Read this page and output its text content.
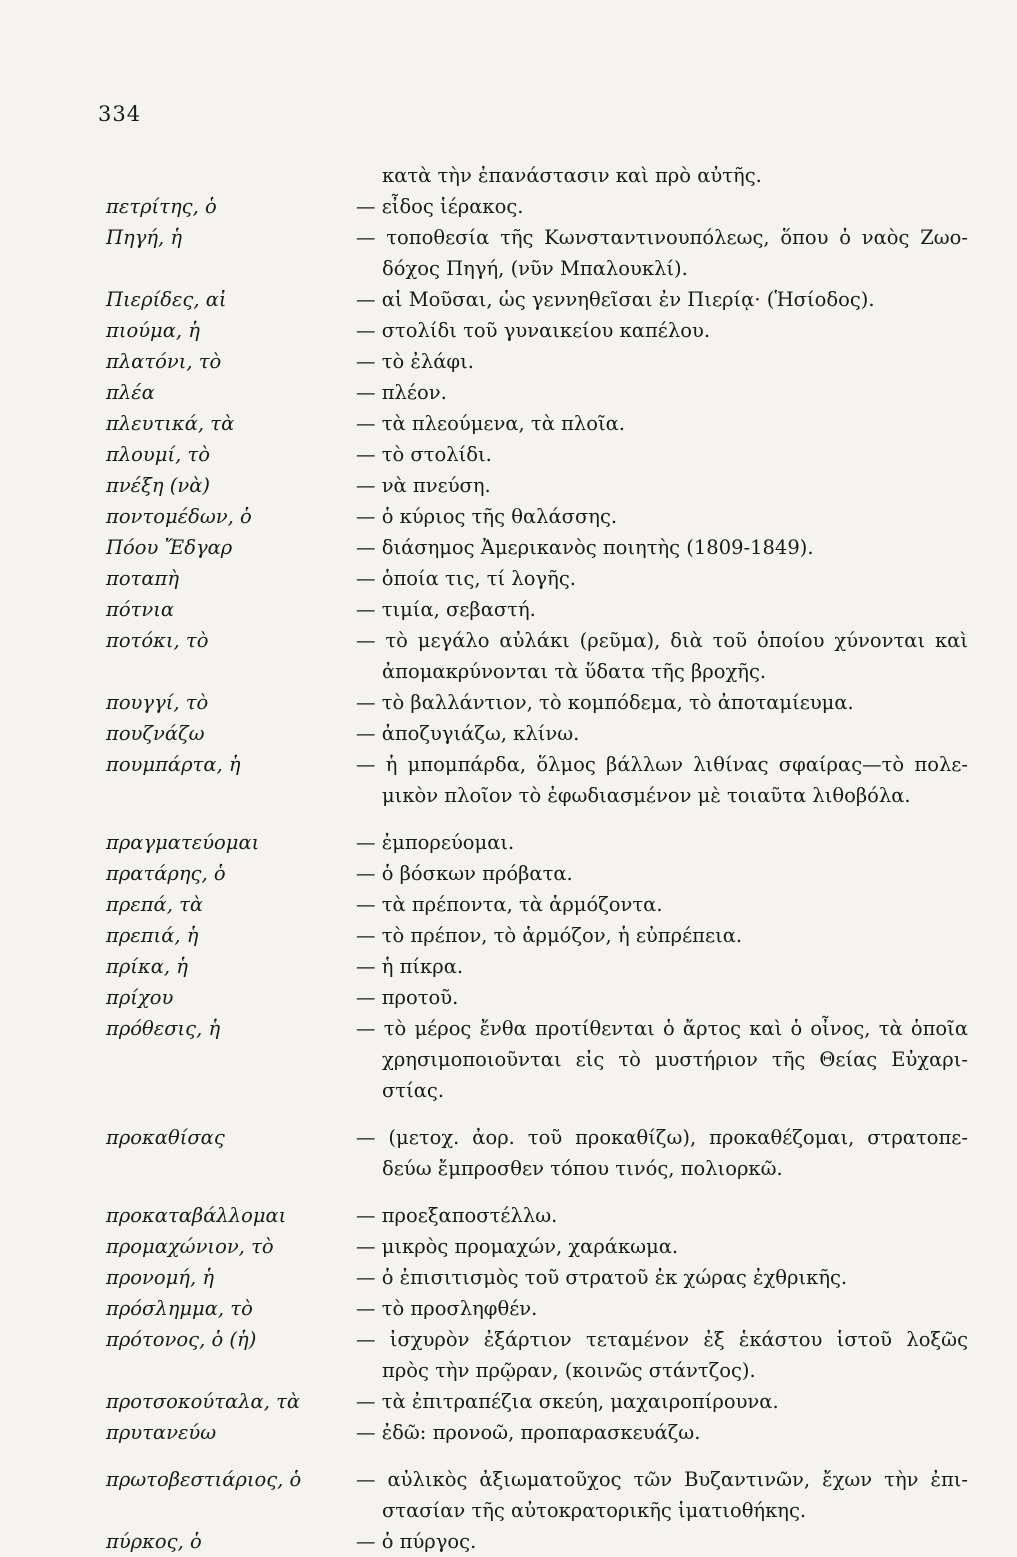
334
κατὰ τὴν ἐπανάστασιν καὶ πρὸ αὐτῆς.
πετρίτης, ὁ	— εἶδος ἱέρακος.
Πηγή, ἡ	— τοποθεσία τῆς Κωνσταντινουπόλεως, ὅπου ὁ ναὸς Ζωο-
δόχος Πηγή, (νῦν Μπαλουκλί).
Πιερίδες, αἱ	— αἱ Μοῦσαι, ὡς γεννηθεῖσαι ἐν Πιερίᾳ· (Ἡσίοδος).
πιούμα, ἡ	— στολίδι τοῦ γυναικείου καπέλου.
πλατόνι, τὸ	— τὸ ἐλάφι.
πλέα	— πλέον.
πλευτικά, τὰ	— τὰ πλεούμενα, τὰ πλοῖα.
πλουμί, τὸ	— τὸ στολίδι.
πνέξη (νὰ)	— νὰ πνεύση.
ποντομέδων, ὁ	— ὁ κύριος τῆς θαλάσσης.
Πόου Ἔδγαρ	— διάσημος Ἀμερικανὸς ποιητὴς (1809-1849).
ποταπὴ	— ὁποία τις, τί λογῆς.
πότνια	— τιμία, σεβαστή.
ποτόκι, τὸ	— τὸ μεγάλο αὐλάκι (ρεῦμα), διὰ τοῦ ὁποίου χύνονται καὶ
ἀπομακρύνονται τὰ ὕδατα τῆς βροχῆς.
πουγγί, τὸ	— τὸ βαλλάντιον, τὸ κομπόδεμα, τὸ ἀποταμίευμα.
πουζνάζω	— ἀποζυγιάζω, κλίνω.
πουμπάρτα, ἡ	— ἡ μπομπάρδα, ὅλμος βάλλων λιθίνας σφαίρας—τὸ πολε-
μικὸν πλοῖον τὸ ἐφωδιασμένον μὲ τοιαῦτα λιθοβόλα.
πραγματεύομαι	— ἐμπορεύομαι.
πρατάρης, ὁ	— ὁ βόσκων πρόβατα.
πρεπά, τὰ	— τὰ πρέποντα, τὰ ἁρμόζοντα.
πρεπιά, ἡ	— τὸ πρέπον, τὸ ἁρμόζον, ἡ εὐπρέπεια.
πρίκα, ἡ	— ἡ πίκρα.
πρίχου	— προτοῦ.
πρόθεσις, ἡ	— τὸ μέρος ἔνθα προτίθενται ὁ ἄρτος καὶ ὁ οἶνος, τὰ ὁποῖα
χρησιμοποιοῦνται εἰς τὸ μυστήριον τῆς Θείας Εὐχαρι-
στίας.
προκαθίσας	— (μετοχ. ἀορ. τοῦ προκαθίζω), προκαθέζομαι, στρατοπε-
δεύω ἔμπροσθεν τόπου τινός, πολιορκῶ.
προκαταβάλλομαι	— προεξαποστέλλω.
προμαχώνιον, τὸ	— μικρὸς προμαχών, χαράκωμα.
προνομή, ἡ	— ὁ ἐπισιτισμὸς τοῦ στρατοῦ ἐκ χώρας ἐχθρικῆς.
πρόσλημμα, τὸ	— τὸ προσληφθέν.
πρότονος, ὁ (ἡ)	— ἰσχυρὸν ἐξάρτιον τεταμένον ἐξ ἑκάστου ἱστοῦ λοξῶς
πρὸς τὴν πρῷραν, (κοινῶς στάντζος).
προτσοκούταλα, τὰ	— τὰ ἐπιτραπέζια σκεύη, μαχαιροπίρουνα.
πρυτανεύω	— ἐδῶ: προνοῶ, προπαρασκευάζω.
πρωτοβεστιάριος, ὁ	— αὐλικὸς ἀξιωματοῦχος τῶν Βυζαντινῶν, ἔχων τὴν ἐπι-
στασίαν τῆς αὐτοκρατορικῆς ἱματιοθήκης.
πύρκος, ὁ	— ὁ πύργος.
